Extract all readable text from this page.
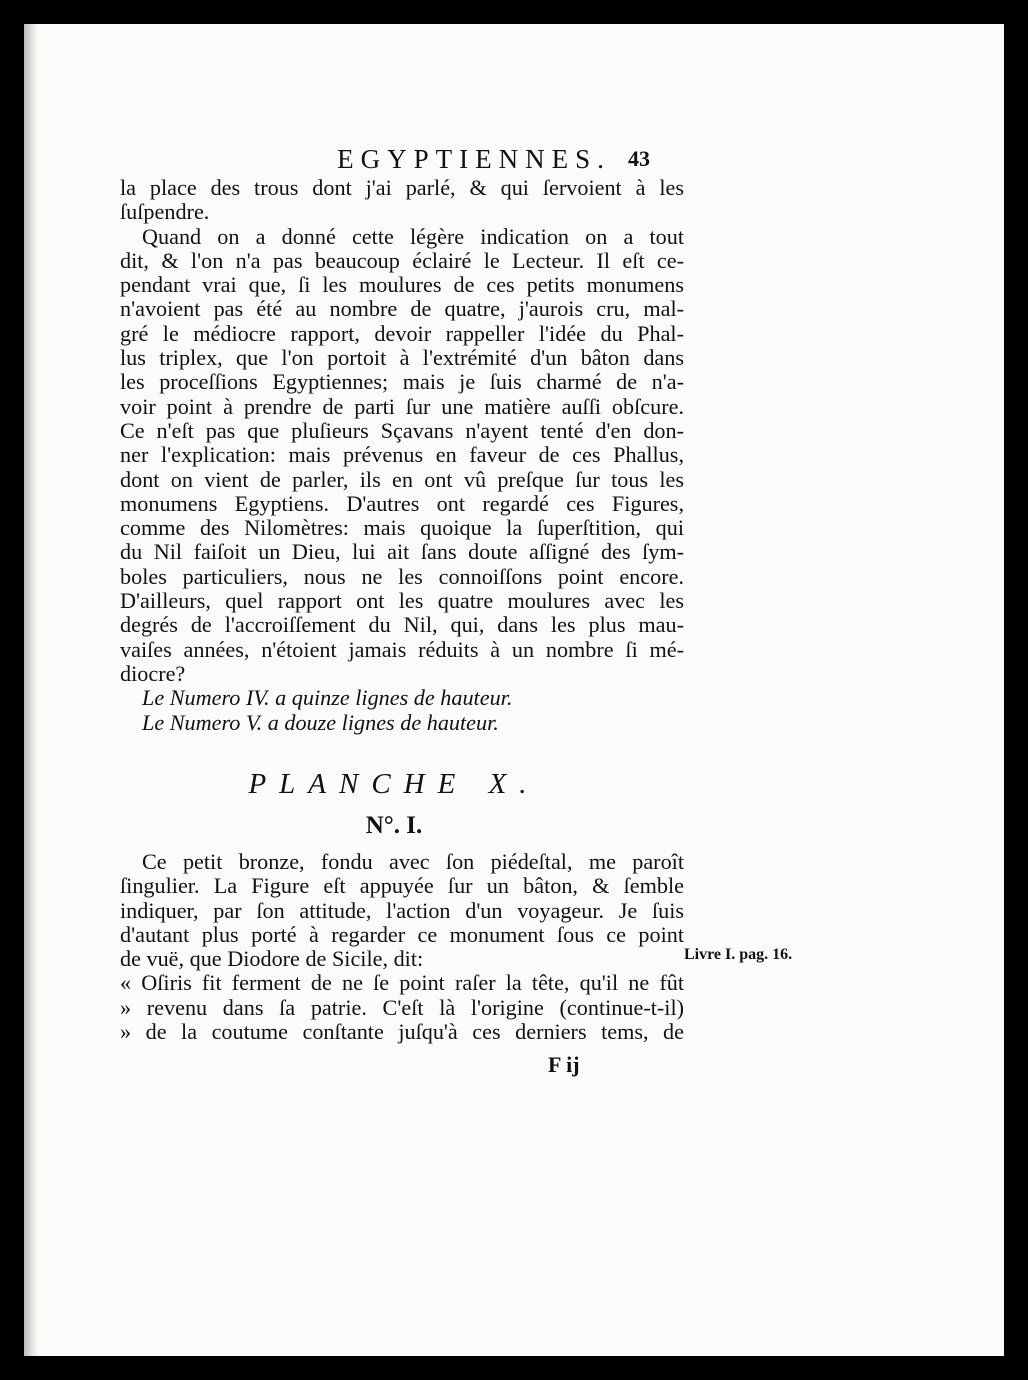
EGYPTIENNES. 43
la place des trous dont j'ai parlé, & qui ſervoient à les
ſuſpendre.
Quand on a donné cette légère indication on a tout
dit, & l'on n'a pas beaucoup éclairé le Lecteur. Il eſt ce-
pendant vrai que, ſi les moulures de ces petits monumens
n'avoient pas été au nombre de quatre, j'aurois cru, mal-
gré le médiocre rapport, devoir rappeller l'idée du Phal-
lus triplex, que l'on portoit à l'extrémité d'un bâton dans
les proceſſions Egyptiennes; mais je ſuis charmé de n'a-
voir point à prendre de parti ſur une matière auſſi obſcure.
Ce n'eſt pas que pluſieurs Sçavans n'ayent tenté d'en don-
ner l'explication: mais prévenus en faveur de ces Phallus,
dont on vient de parler, ils en ont vû preſque ſur tous les
monumens Egyptiens. D'autres ont regardé ces Figures,
comme des Nilomètres: mais quoique la ſuperſtition, qui
du Nil faiſoit un Dieu, lui ait ſans doute aſſigné des ſym-
boles particuliers, nous ne les connoiſſons point encore.
D'ailleurs, quel rapport ont les quatre moulures avec les
degrés de l'accroiſſement du Nil, qui, dans les plus mau-
vaiſes années, n'étoient jamais réduits à un nombre ſi mé-
diocre?
Le Numero IV. a quinze lignes de hauteur.
Le Numero V. a douze lignes de hauteur.
PLANCHE X.
N°. I.
Ce petit bronze, fondu avec ſon piédeſtal, me paroît
ſingulier. La Figure eſt appuyée ſur un bâton, & ſemble
indiquer, par ſon attitude, l'action d'un voyageur. Je ſuis
d'autant plus porté à regarder ce monument ſous ce point
de vuë, que Diodore de Sicile, dit:
« Oſiris fit ferment de ne ſe point raſer la tête, qu'il ne fût
» revenu dans ſa patrie. C'eſt là l'origine (continue-t-il)
» de la coutume conſtante juſqu'à ces derniers tems, de
Livre I. pag. 16.
F ij
